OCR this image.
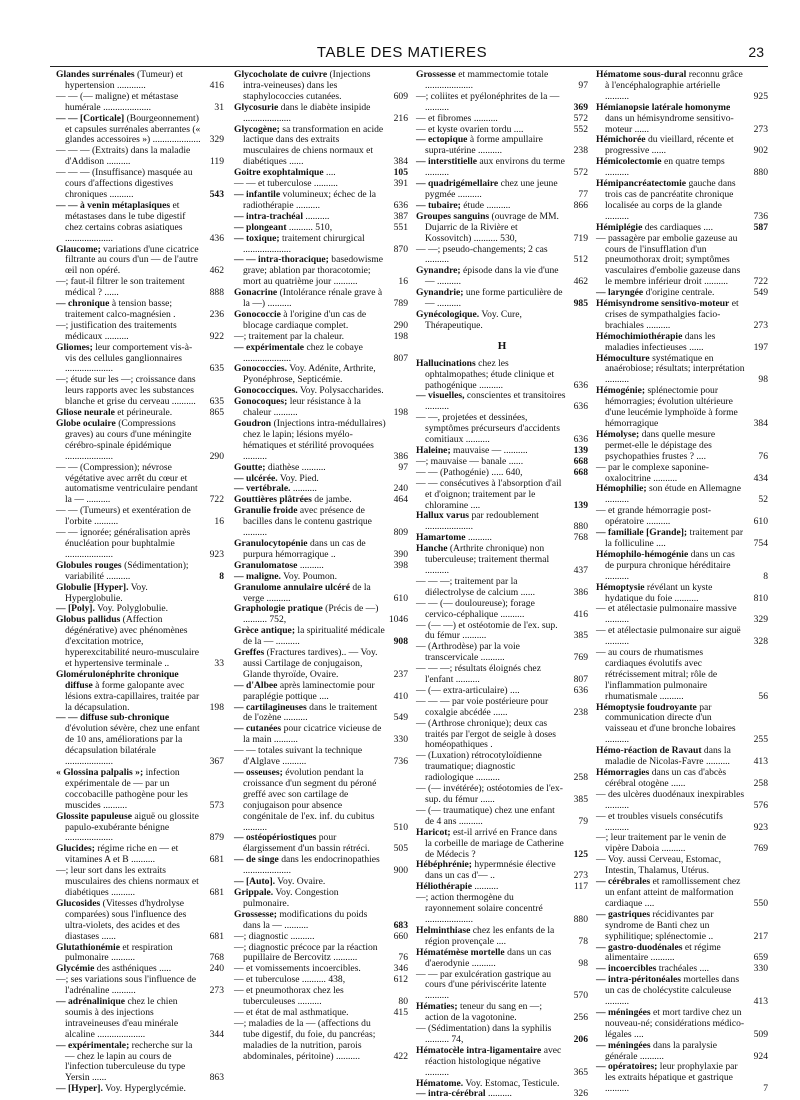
TABLE DES MATIERES	23
Glandes surrénales (Tumeur) et hypertension ............	416
— — (— maligne) et métastase humérale ....................	31
— — [Corticale] (Bourgeonnement) et capsules surrénales aberrantes (« glandes accessoires ») .................... 329
— — — (Extraits) dans la maladie d'Addison ..........	119
— — — (Insuffisance) masquée au cours d'affections digestives chroniques ..........	543
— — à venin métaplasiques et métastases dans le tube digestif chez certains cobras asiatiques ....................	436
Glaucome; variations d'une cicatrice filtrante au cours d'un — de l'autre œil non opéré.	462
—; faut-il filtrer le son traitement médical ? ......	888
— chronique à tension basse; traitement calco-magnésien .	236
—; justification des traitements médicaux ..........	922
Gliomes; leur comportement vis-à-vis des cellules ganglionnaires ....................	635
—; étude sur les —; croissance dans leurs rapports avec les substances blanche et grise du cerveau .......... 635
Gliose neurale et périneurale.	865
Globe oculaire (Compressions graves) au cours d'une méningite cérébro-spinale épidémique ....................	290
— — (Compression); névrose végétative avec arrêt du cœur et automatisme ventriculaire pendant la — ..........	722
— — (Tumeurs) et exentération de l'orbite ..........	16
— — ignorée; généralisation après énucléation pour buphtalmie ....................	923
Globules rouges (Sédimentation); variabilité ..........	8
Globulie [Hyper]. Voy. Hyperglobulie.
— [Poly]. Voy. Polyglobulie.
Globus pallidus (Affection dégénérative) avec phénomènes d'excitation motrice, hyperexcitabilité neuro-musculaire et hypertensive terminale ..	33
Glomérulonéphrite chronique diffuse à forme galopante avec lésions extra-capillaires, traitée par la décapsulation.	198
— — diffuse sub-chronique d'évolution sévère, chez une enfant de 10 ans, améliorations par la décapsulation bilatérale ....................	367
« Glossina palpalis »; infection expérimentale de — par un coccobacille pathogène pour les muscides ..........	573
Glossite papuleuse aiguë ou glossite papulo-exubérante bénigne ....................	879
Glucides; régime riche en — et vitamines A et B ..........	681
—; leur sort dans les extraits musculaires des chiens normaux et diabétiques ..........	681
Glucosides (Vitesses d'hydrolyse comparées) sous l'influence des ultra-violets, des acides et des diastases ......	681
Glutathionémie et respiration pulmonaire ..........	768
Glycémie des asthéniques .....	240
—; ses variations sous l'influence de l'adrénaline ..........	273
— adrénalinique chez le chien soumis à des injections intraveineuses d'eau minérale alcaline ....................	344
— expérimentale; recherche sur la — chez le lapin au cours de l'infection tuberculeuse du type Yersin ......	863
— [Hyper]. Voy. Hyperglycémie.
Glycocholate de cuivre (Injections intra-veineuses) dans les staphylococcies cutanées.	609
Glycosurie dans le diabète insipide ....................	216
Glycogène; sa transformation en acide lactique dans des extraits musculaires de chiens normaux et diabétiques ......	384
Goitre exophtalmique ....	105
— — et tuberculose ..........	391
— infantile volumineux; échec de la radiothérapie ..........	636
— intra-trachéal ..........	387
— plongeant .......... 510,	551
— toxique; traitement chirurgical ....................	870
— — intra-thoracique; basedowisme grave; ablation par thoracotomie; mort au quatrième jour ..........	16
Gonacrine (Intolérance rénale grave à la —) ..........	789
Gonococcie à l'origine d'un cas de blocage cardiaque complet.	290
—; traitement par la chaleur.	198
— expérimentale chez le cobaye ....................	807
Gonococcies. Voy. Adénite, Arthrite, Pyonéphrose, Septicémie.
Gonococciques. Voy. Polysaccharides.
Gonocoques; leur résistance à la chaleur ..........	198
Goudron (Injections intra-médullaires) chez le lapin; lésions myélo-hématiques et stérilité provoquées ..........	386
Goutte; diathèse ..........	97
— ulcérée. Voy. Pied.
— vertébrale. ..........	240
Gouttières plâtrées de jambe.	464
Granulie froide avec présence de bacilles dans le contenu gastrique ..........	809
Granulocytopénie dans un cas de purpura hémorragique ..	390
Granulomatose ..........	398
— maligne. Voy. Poumon.
Granulome annulaire ulcéré de la verge ..........	610
Graphologie pratique (Précis de —) .......... 752,	1046
Grèce antique; la spiritualité médicale de la — ..........	908
Greffes (Fractures tardives).. — Voy. aussi Cartilage de conjugaison, Glande thyroïde, Ovaire.	237
— d'Albee après laminectomie pour paraplégie pottique ....	410
— cartilagineuses dans le traitement de l'ozène ..........	549
— cutanées pour cicatrice vicieuse de la main ..........	330
— — totales suivant la technique d'Alglave ..........	736
— osseuses; évolution pendant la croissance d'un segment du péroné greffé avec son cartilage de conjugaison pour absence congénitale de l'ex. inf. du cubitus ..........	510
— ostéopériostiques pour élargissement d'un bassin rétréci. 505
— de singe dans les endocrinopathies ....................	900
— [Auto]. Voy. Ovaire.
Grippale. Voy. Congestion pulmonaire.
Grossesse; modifications du poids dans la — ..........	683
—; diagnostic ..........	660
—; diagnostic précoce par la réaction pupillaire de Bercovitz ..........	76
— et vomissements incoercibles.	346
— et tuberculose .......... 438,	612
— et pneumothorax chez les tuberculeuses ..........	80
— et état de mal asthmatique.	415
—; maladies de la — (affections du tube digestif, du foie, du pancréas; maladies de la nutrition, parois abdominales, péritoine) ..........	422
Grossesse et mammectomie totale ....................	97
—; coliites et pyélonéphrites de la — ..........	369
— et fibromes ..........	572
— et kyste ovarien tordu ....	552
— ectopique à forme ampullaire supra-utérine ..........	238
— interstitielle aux environs du terme ..........	572
— quadrigémellaire chez une jeune pygmée ..........	77
— tubaire; étude ..........	866
Groupes sanguins (ouvrage de MM. Dujarric de la Rivière et Kossovitch) .......... 530,	719
— —; pseudo-changements; 2 cas ..........	512
Gynandre; épisode dans la vie d'une — ..........	462
Gynandrie; une forme particulière de — ..........	985
Gynécologique. Voy. Cure, Thérapeutique.
H
Hallucinations chez les ophtalmopathes; étude clinique et pathogénique ..........	636
— visuelles, conscientes et transitoires ..........	636
— —, projetées et dessinées, symptômes précurseurs d'accidents comitiaux ..........	636
Haleine; mauvaise — ..........	139
—; mauvaise — banale ......	668
— — (Pathogénie) ..... 640,	668
— — consécutives à l'absorption d'ail et d'oignon; traitement par le chloramine ....	139
Hallux varus par redoublement ....................	880
Hamartome ..........	768
Hanche (Arthrite chronique) non tuberculeuse; traitement thermal ..........	437
— — —; traitement par la diélectrolyse de calcium ......	386
— — (— douloureuse); forage cervico-céphalique ..........	416
— (— —) et ostéotomie de l'ex. sup. du fémur ..........	385
— (Arthrodèse) par la voie transcervicale ..........	769
— — —; résultats éloignés chez l'enfant ..........	807
— (— extra-articulaire) ....	636
— — — par voie postérieure pour coxalgie abcédée ......	238
— (Arthrose chronique); deux cas traités par l'ergot de seigle à doses homéopathiques .
— (Luxation) rétrocotyloïdienne traumatique; diagnostic radiologique ..........	258
— (— invétérée); ostéotomies de l'ex-sup. du fémur ......	385
— (— traumatique) chez une enfant de 4 ans ..........	79
Haricot; est-il arrivé en France dans la corbeille de mariage de Catherine de Médecis ?	125
Hébéphrénie; hypermnésie élective dans un cas d'— ..	273
Héliothérapie ..........	117
—; action thermogène du rayonnement solaire concentré ....................	880
Helminthiase chez les enfants de la région provençale ....	78
Hématémèse mortelle dans un cas d'aerodynie ..........	98
— — par exulcération gastrique au cours d'une périviscérite latente ..........	570
Hématies; teneur du sang en —; action de la vagotonine.	256
— (Sédimentation) dans la syphilis .......... 74,	206
Hématocèle intra-ligamentaire avec réaction histologique négative ..........	365
Hématome. Voy. Estomac, Testicule.
— intra-cérébral ..........	326
Hématome sous-dural reconnu grâce à l'encéphalographie artérielle ..........	925
Hémianopsie latérale homonyme dans un hémisyndrome sensitivo-moteur ......	273
Hémichorée du vieillard, récente et progressive ......	902
Hémicolectomie en quatre temps ..........	880
Hémipancréatectomie gauche dans trois cas de pancréatite chronique localisée au corps de la glande ..........	736
Hémiplégie des cardiaques ....	587
— passagère par embolie gazeuse au cours de l'insufflation d'un pneumothorax droit; symptômes vasculaires d'embolie gazeuse dans le membre inférieur droit ..........	722
— laryngée d'origine centrale.	549
Hémisyndrome sensitivo-moteur et crises de sympathalgies facio-brachiales ..........	273
Hémochimiothérapie dans les maladies infectieuses ......	197
Hémoculture systématique en anaérobiose; résultats; interprétation ..........	98
Hémogénie; splénectomie pour hémorragies; évolution ultérieure d'une leucémie lymphoïde à forme hémorragique	384
Hémolyse; dans quelle mesure permet-elle le dépistage des psychopathies frustes ? ....	76
— par le complexe saponine-oxalocitrine ..........	434
Hémophilie; son étude en Allemagne ..........	52
— et grande hémorragie post-opératoire ..........	610
— familiale [Grande]; traitement par la folliculine ....	754
Hémophilo-hémogénie dans un cas de purpura chronique héréditaire ..........	8
Hémoptysie révélant un kyste hydatique du foie ..........	810
— et atélectasie pulmonaire massive ..........	329
— et atélectasie pulmonaire sur aiguë ..........	328
— au cours de rhumatismes cardiaques évolutifs avec rétrécissement mitral; rôle de l'inflammation pulmonaire rhumatismale ..........	56
Hémoptysie foudroyante par communication directe d'un vaisseau et d'une bronche lobaires ..........	255
Hémo-réaction de Ravaut dans la maladie de Nicolas-Favre .......... 413
Hémorragies dans un cas d'abcès cérébral otogène ......	258
— des ulcères duodénaux inexpirables ..........	576
— et troubles visuels consécutifs ..........	923
—; leur traitement par le venin de vipère Daboia ..........	769
— Voy. aussi Cerveau, Estomac, Intestin, Thalamus, Utérus.
— cérébrales et ramollissement chez un enfant atteint de malformation cardiaque ....	550
— gastriques récidivantes par syndrome de Banti chez un syphilitique; splénectomie ..	217
— gastro-duodénales et régime alimentaire ..........	659
— incoercibles trachéales ....	330
— intra-péritonéales mortelles dans un cas de cholécystite calculeuse ..........	413
— méningées et mort tardive chez un nouveau-né; considérations médico-légales ....	509
— méningées dans la paralysie générale ..........	924
— opératoires; leur prophylaxie par les extraits hépatique et gastrique ..........	7
